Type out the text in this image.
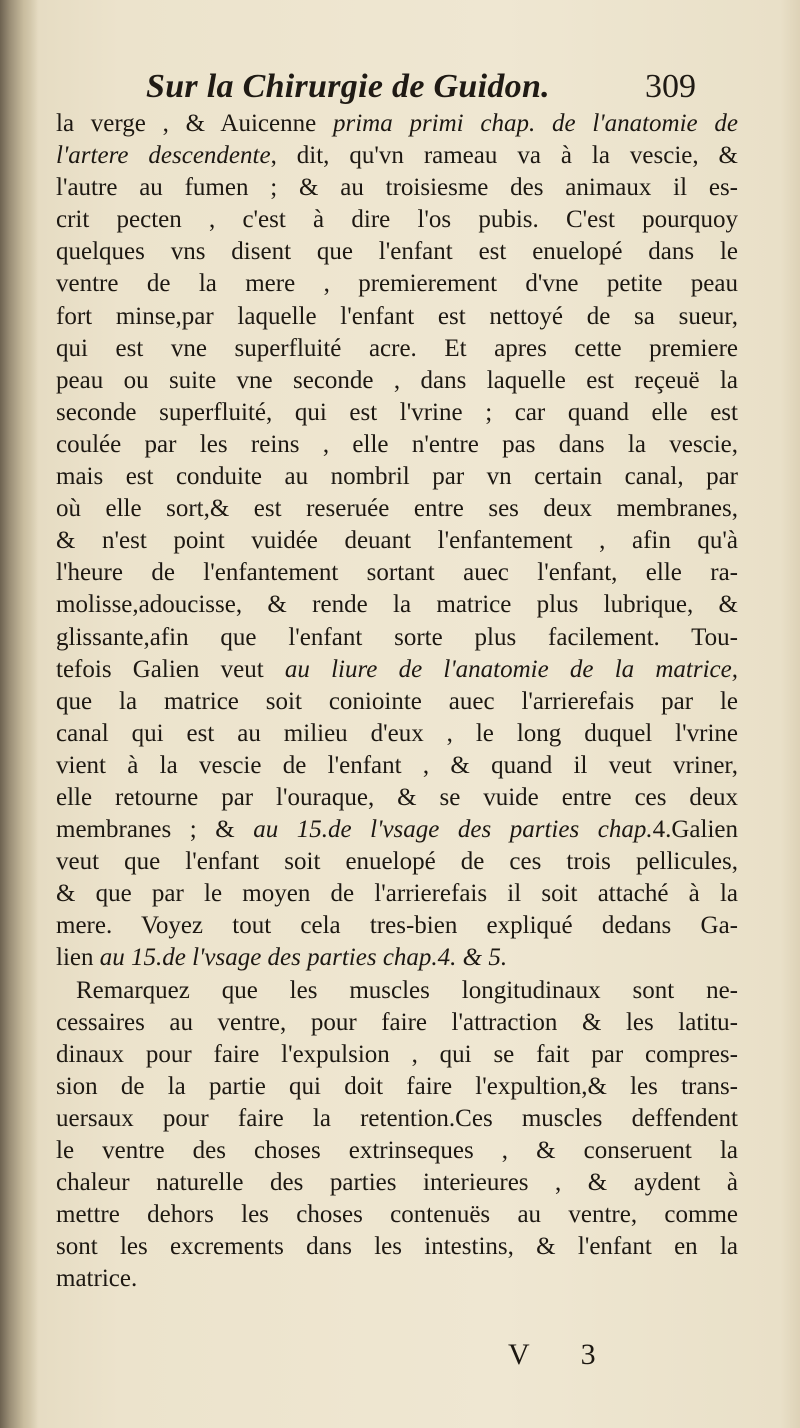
Sur la Chirurgie de Guidon.	309
la verge , & Auicenne prima primi chap. de l'anatomie de
l'artere descendente, dit, qu'vn rameau va à la vescie, &
l'autre au fumen ; & au troisiesme des animaux il es-
crit pecten , c'est à dire l'os pubis. C'est pourquoy
quelques vns disent que l'enfant est enuelopé dans le
ventre de la mere , premierement d'vne petite peau
fort minse,par laquelle l'enfant est nettoyé de sa sueur,
qui est vne superfluité acre. Et apres cette premiere
peau ou suite vne seconde , dans laquelle est reçeuë la
seconde superfluité, qui est l'vrine ; car quand elle est
coulée par les reins , elle n'entre pas dans la vescie,
mais est conduite au nombril par vn certain canal, par
où elle sort,& est reseruée entre ses deux membranes,
& n'est point vuidée deuant l'enfantement , afin qu'à
l'heure de l'enfantement sortant auec l'enfant, elle ra-
molisse,adoucisse, & rende la matrice plus lubrique, &
glissante,afin que l'enfant sorte plus facilement. Tou-
tefois Galien veut au liure de l'anatomie de la matrice,
que la matrice soit coniointe auec l'arrierefais par le
canal qui est au milieu d'eux , le long duquel l'vrine
vient à la vescie de l'enfant , & quand il veut vriner,
elle retourne par l'ouraque, & se vuide entre ces deux
membranes ; & au 15.de l'vsage des parties chap.4.Galien
veut que l'enfant soit enuelopé de ces trois pellicules,
& que par le moyen de l'arrierefais il soit attaché à la
mere. Voyez tout cela tres-bien expliqué dedans Ga-
lien au 15.de l'vsage des parties chap.4. & 5.
Remarquez que les muscles longitudinaux sont ne-
cessaires au ventre, pour faire l'attraction & les latitu-
dinaux pour faire l'expulsion , qui se fait par compres-
sion de la partie qui doit faire l'expultion,& les trans-
uersaux pour faire la retention.Ces muscles deffendent
le ventre des choses extrinseques , & conseruent la
chaleur naturelle des parties interieures , & aydent à
mettre dehors les choses contenuës au ventre, comme
sont les excrements dans les intestins, & l'enfant en la
matrice.
V 3
